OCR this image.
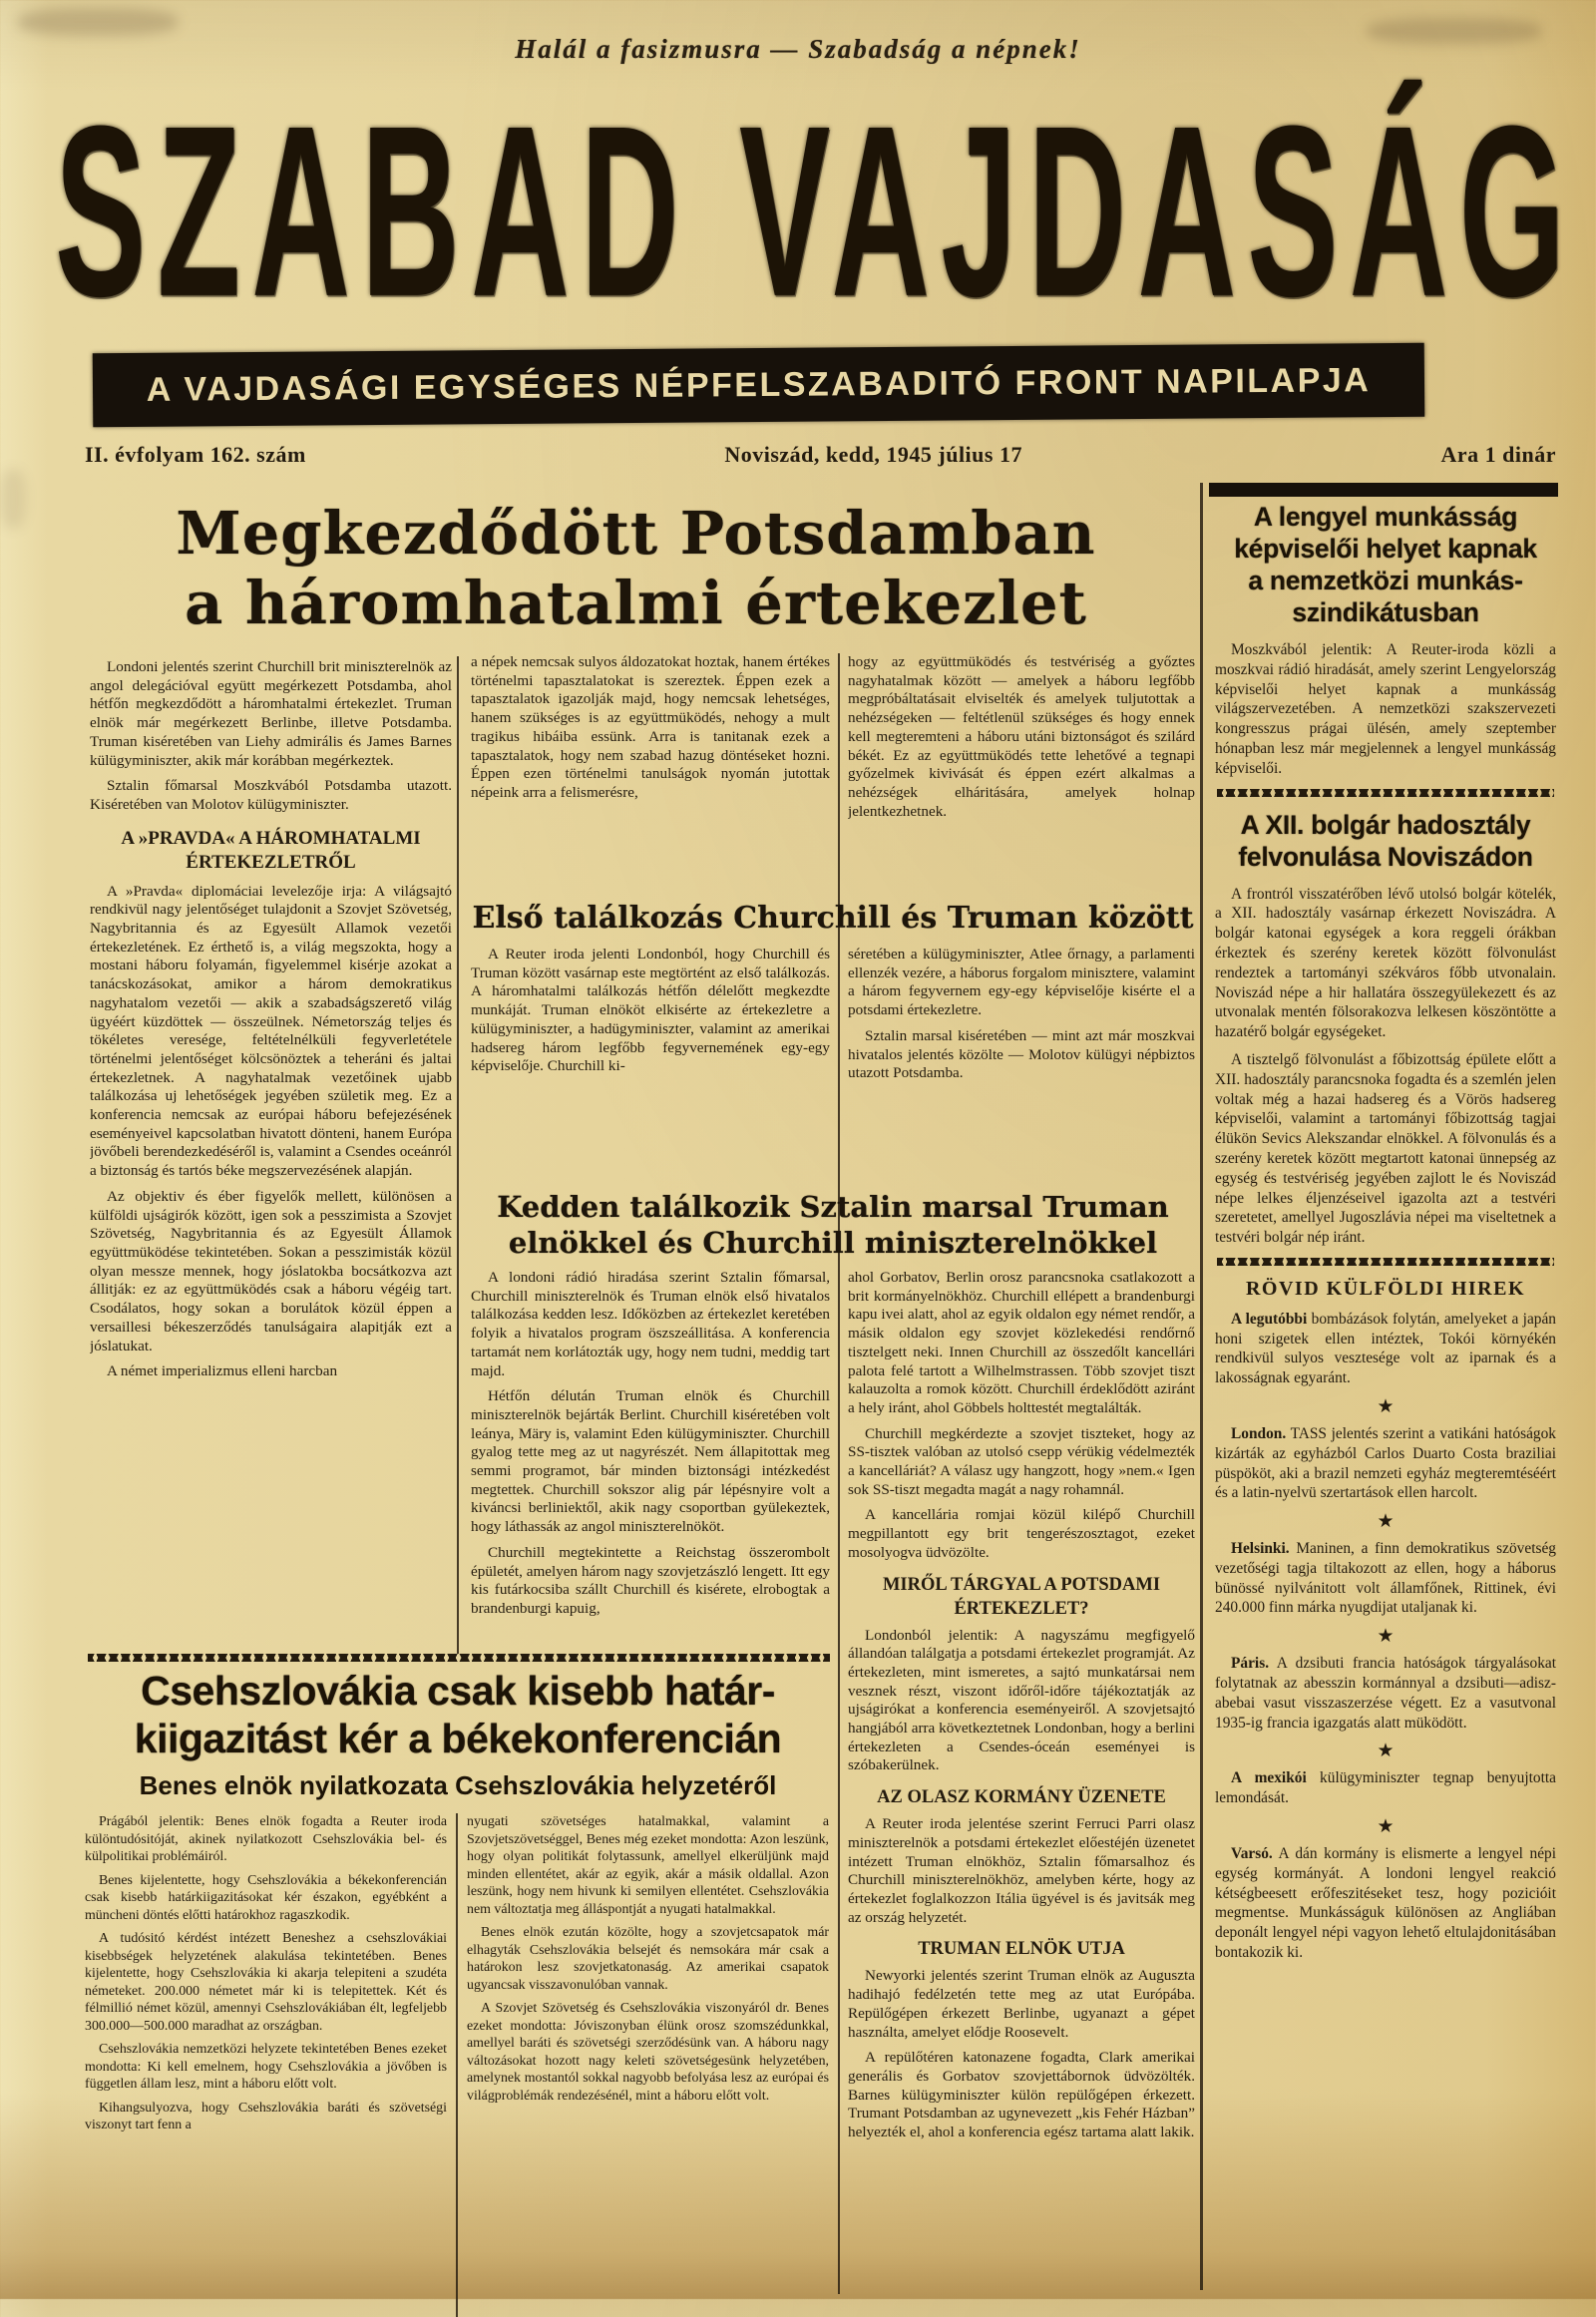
Halál a fasizmusra — Szabadság a népnek!
SZABAD VAJDASÁG
A VAJDASÁGI EGYSÉGES NÉPFELSZABADITÓ FRONT NAPILAPJA
II. évfolyam 162. szám	Noviszád, kedd, 1945 július 17	Ara 1 dinár
Megkezdődött Potsdamban
a háromhatalmi értekezlet

Londoni jelentés szerint Churchill brit miniszterelnök az angol delegációval együtt megérkezett Potsdamba, ahol hétfőn megkezdődött a háromhatalmi értekezlet. Truman elnök már megérkezett Berlinbe, illetve Potsdamba. Truman kiséretében van Liehy admirális és James Barnes külügyminiszter, akik már korábban megérkeztek.

Sztalin főmarsal Moszkvából Potsdamba utazott. Kiséretében van Molotov külügyminiszter.

A »PRAVDA« A HÁROMHATALMI ÉRTEKEZLETRŐL

A »Pravda« diplomáciai levelezője irja: A világsajtó rendkivül nagy jelentőséget tulajdonit a Szovjet Szövetség, Nagybritannia és az Egyesült Allamok vezetői értekezletének. Ez érthető is, a világ megszokta, hogy a mostani háboru folyamán, figyelemmel kisérje azokat a tanácskozásokat, amikor a három demokratikus nagyhatalom vezetői — akik a szabadságszerető világ ügyéért küzdöttek — összeülnek. Németország teljes és tökéletes veresége, feltételnélküli fegyverletétele történelmi jelentőséget kölcsönöztek a teheráni és jaltai értekezletnek. A nagyhatalmak vezetőinek ujabb találkozása uj lehetőségek jegyében születik meg. Ez a konferencia nemcsak az európai háboru befejezésének eseményeivel kapcsolatban hivatott dönteni, hanem Európa jövőbeli berendezkedéséről is, valamint a Csendes oceánról a biztonság és tartós béke megszervezésének alapján.

Az objektiv és éber figyelők mellett, különösen a külföldi ujságirók között, igen sok a pesszimista a Szovjet Szövetség, Nagybritannia és az Egyesült Államok együttmüködése tekintetében. Sokan a pesszimisták közül olyan messze mennek, hogy jóslatokba bocsátkozva azt állitják: ez az együttmüködés csak a háboru végéig tart. Csodálatos, hogy sokan a borulátok közül éppen a versaillesi békeszerződés tanulságaira alapitják ezt a jóslatukat.

A német imperializmus elleni harcban

a népek nemcsak sulyos áldozatokat hoztak, hanem értékes történelmi tapasztalatokat is szereztek. Éppen ezek a tapasztalatok igazolják majd, hogy nemcsak lehetséges, hanem szükséges is az együttmüködés, nehogy a mult tragikus hibáiba essünk. Arra is tanitanak ezek a tapasztalatok, hogy nem szabad hazug döntéseket hozni. Éppen ezen történelmi tanulságok nyomán jutottak népeink arra a felismerésre,

hogy az együttmüködés és testvériség a győztes nagyhatalmak között — amelyek a háboru legfőbb megpróbáltatásait elviselték és amelyek tuljutottak a nehézségeken — feltétlenül szükséges és hogy ennek kell megteremteni a háboru utáni biztonságot és szilárd békét. Ez az együttmüködés tette lehetővé a tegnapi győzelmek kivivását és éppen ezért alkalmas a nehézségek elháritására, amelyek holnap jelentkezhetnek.

Első találkozás Churchill és Truman között

A Reuter iroda jelenti Londonból, hogy Churchill és Truman között vasárnap este megtörtént az első találkozás. A háromhatalmi találkozás hétfőn délelőtt megkezdte munkáját. Truman elnököt elkisérte az értekezletre a külügyminiszter, a hadügyminiszter, valamint az amerikai hadsereg három legfőbb fegyvernemének egy-egy képviselője. Churchill ki-

séretében a külügyminiszter, Atlee őrnagy, a parlamenti ellenzék vezére, a háborus forgalom minisztere, valamint a három fegyvernem egy-egy képviselője kisérte el a potsdami értekezletre.

Sztalin marsal kiséretében — mint azt már moszkvai hivatalos jelentés közölte — Molotov külügyi népbiztos utazott Potsdamba.

Kedden találkozik Sztalin marsal Truman
elnökkel és Churchill miniszterelnökkel

A londoni rádió hiradása szerint Sztalin főmarsal, Churchill miniszterelnök és Truman elnök első hivatalos találkozása kedden lesz. Időközben az értekezlet keretében folyik a hivatalos program öszszeállitása. A konferencia tartamát nem korlátozták ugy, hogy nem tudni, meddig tart majd.

Hétfőn délután Truman elnök és Churchill miniszterelnök bejárták Berlint. Churchill kiséretében volt leánya, Märy is, valamint Eden külügyminiszter. Churchill gyalog tette meg az ut nagyrészét. Nem állapitottak meg semmi programot, bár minden biztonsági intézkedést megtettek. Churchill sokszor alig pár lépésnyire volt a kiváncsi berliniektől, akik nagy csoportban gyülekeztek, hogy láthassák az angol miniszterelnököt.

Churchill megtekintette a Reichstag összerombolt épületét, amelyen három nagy szovjetzászló lengett. Itt egy kis futárkocsiba szállt Churchill és kisérete, elrobogtak a brandenburgi kapuig,

ahol Gorbatov, Berlin orosz parancsnoka csatlakozott a brit kormányelnökhöz. Churchill ellépett a brandenburgi kapu ivei alatt, ahol az egyik oldalon egy német rendőr, a másik oldalon egy szovjet közlekedési rendőrnő tisztelgett neki. Innen Churchill az összedőlt kancellári palota felé tartott a Wilhelmstrassen. Több szovjet tiszt kalauzolta a romok között. Churchill érdeklődött aziránt a hely iránt, ahol Göbbels holttestét megtalálták.

Churchill megkérdezte a szovjet tiszteket, hogy az SS-tisztek valóban az utolsó csepp vérükig védelmezték a kancelláriát? A válasz ugy hangzott, hogy »nem.« Igen sok SS-tiszt megadta magát a nagy rohamnál.

A kancellária romjai közül kilépő Churchill megpillantott egy brit tengerészosztagot, ezeket mosolyogva üdvözölte.

MIRŐL TÁRGYAL A POTSDAMI ÉRTEKEZLET?

Londonból jelentik: A nagyszámu megfigyelő állandóan találgatja a potsdami értekezlet programját. Az értekezleten, mint ismeretes, a sajtó munkatársai nem vesznek részt, viszont időről-időre tájékoztatják az ujságirókat a konferencia eseményeiről. A szovjetsajtó hangjából arra következtetnek Londonban, hogy a berlini értekezleten a Csendes-óceán eseményei is szóbakerülnek.

AZ OLASZ KORMÁNY ÜZENETE

A Reuter iroda jelentése szerint Ferruci Parri olasz miniszterelnök a potsdami értekezlet előestéjén üzenetet intézett Truman elnökhöz, Sztalin főmarsalhoz és Churchill miniszterelnökhöz, amelyben kérte, hogy az értekezlet foglalkozzon Itália ügyével is és javitsák meg az ország helyzetét.

TRUMAN ELNÖK UTJA

Newyorki jelentés szerint Truman elnök az Auguszta hadihajó fedélzetén tette meg az utat Európába. Repülőgépen érkezett Berlinbe, ugyanazt a gépet használta, amelyet elődje Roosevelt.

A repülőtéren katonazene fogadta, Clark amerikai generális és Gorbatov szovjettábornok üdvözölték. Barnes külügyminiszter külön repülőgépen érkezett. Trumant Potsdamban az ugynevezett „kis Fehér Házban” helyezték el, ahol a konferencia egész tartama alatt lakik.

Csehszlovákia csak kisebb határ-
kiigazitást kér a békekonferencián
Benes elnök nyilatkozata Csehszlovákia helyzetéről

Prágából jelentik: Benes elnök fogadta a Reuter iroda különtudósitóját, akinek nyilatkozott Csehszlovákia bel- és külpolitikai problémáiról.

Benes kijelentette, hogy Csehszlovákia a békekonferencián csak kisebb határkiigazitásokat kér északon, egyébként a müncheni döntés előtti határokhoz ragaszkodik.

A tudósitó kérdést intézett Beneshez a csehszlovákiai kisebbségek helyzetének alakulása tekintetében. Benes kijelentette, hogy Csehszlovákia ki akarja telepiteni a szudéta németeket. 200.000 németet már ki is telepitettek. Két és félmillió német közül, amennyi Csehszlovákiában élt, legfeljebb 300.000—500.000 maradhat az országban.

Csehszlovákia nemzetközi helyzete tekintetében Benes ezeket mondotta: Ki kell emelnem, hogy Csehszlovákia a jövőben is független állam lesz, mint a háboru előtt volt.

Kihangsulyozva, hogy Csehszlovákia baráti és szövetségi viszonyt tart fenn a

nyugati szövetséges hatalmakkal, valamint a Szovjetszövetséggel, Benes még ezeket mondotta: Azon leszünk, hogy olyan politikát folytassunk, amellyel elkerüljünk majd minden ellentétet, akár az egyik, akár a másik oldallal. Azon leszünk, hogy nem hivunk ki semilyen ellentétet. Csehszlovákia nem változtatja meg álláspontját a nyugati hatalmakkal.

Benes elnök ezután közölte, hogy a szovjetcsapatok már elhagyták Csehszlovákia belsejét és nemsokára már csak a határokon lesz szovjetkatonaság. Az amerikai csapatok ugyancsak visszavonulóban vannak.

A Szovjet Szövetség és Csehszlovákia viszonyáról dr. Benes ezeket mondotta: Jóviszonyban élünk orosz szomszédunkkal, amellyel baráti és szövetségi szerződésünk van. A háboru nagy változásokat hozott nagy keleti szövetségesünk helyzetében, amelynek mostantól sokkal nagyobb befolyása lesz az európai és világproblémák rendezésénél, mint a háboru előtt volt.

A lengyel munkásság
képviselői helyet kapnak
a nemzetközi munkás-
szindikátusban

Moszkvából jelentik: A Reuter-iroda közli a moszkvai rádió hiradását, amely szerint Lengyelország képviselői helyet kapnak a munkásság világszervezetében. A nemzetközi szakszervezeti kongresszus prágai ülésén, amely szeptember hónapban lesz már megjelennek a lengyel munkásság képviselői.

A XII. bolgár hadosztály
felvonulása Noviszádon

A frontról visszatérőben lévő utolsó bolgár kötelék, a XII. hadosztály vasárnap érkezett Noviszádra. A bolgár katonai egységek a kora reggeli órákban érkeztek és szerény keretek között fölvonulást rendeztek a tartományi székváros főbb utvonalain. Noviszád népe a hir hallatára összegyülekezett és az utvonalak mentén fölsorakozva lelkesen köszöntötte a hazatérő bolgár egységeket.

A tisztelgő fölvonulást a főbizottság épülete előtt a XII. hadosztály parancsnoka fogadta és a szemlén jelen voltak még a hazai hadsereg és a Vörös hadsereg képviselői, valamint a tartományi főbizottság tagjai élükön Sevics Alekszandar elnökkel. A fölvonulás és a szerény keretek között megtartott katonai ünnepség az egység és testvériség jegyében zajlott le és Noviszád népe lelkes éljenzéseivel igazolta azt a testvéri szeretetet, amellyel Jugoszlávia népei ma viseltetnek a testvéri bolgár nép iránt.

RÖVID KÜLFÖLDI HIREK

A legutóbbi bombázások folytán, amelyeket a japán honi szigetek ellen intéztek, Tokói környékén rendkivül sulyos vesztesége volt az iparnak és a lakosságnak egyaránt.

★

London. TASS jelentés szerint a vatikáni hatóságok kizárták az egyházból Carlos Duarto Costa braziliai püspököt, aki a brazil nemzeti egyház megteremtéséért és a latin-nyelvü szertartások ellen harcolt.

★

Helsinki. Maninen, a finn demokratikus szövetség vezetőségi tagja tiltakozott az ellen, hogy a háborus bünössé nyilvánitott volt államfőnek, Rittinek, évi 240.000 finn márka nyugdijat utaljanak ki.

★

Páris. A dzsibuti francia hatóságok tárgyalásokat folytatnak az abesszin kormánnyal a dzsibuti—adisz-abebai vasut visszaszerzése végett. Ez a vasutvonal 1935-ig francia igazgatás alatt müködött.

★

A mexikói külügyminiszter tegnap benyujtotta lemondását.

★

Varsó. A dán kormány is elismerte a lengyel népi egység kormányát. A londoni lengyel reakció kétségbeesett erőfeszitéseket tesz, hogy pozicióit megmentse. Munkásságuk különösen az Angliában deponált lengyel népi vagyon lehető eltulajdonitásában bontakozik ki.
